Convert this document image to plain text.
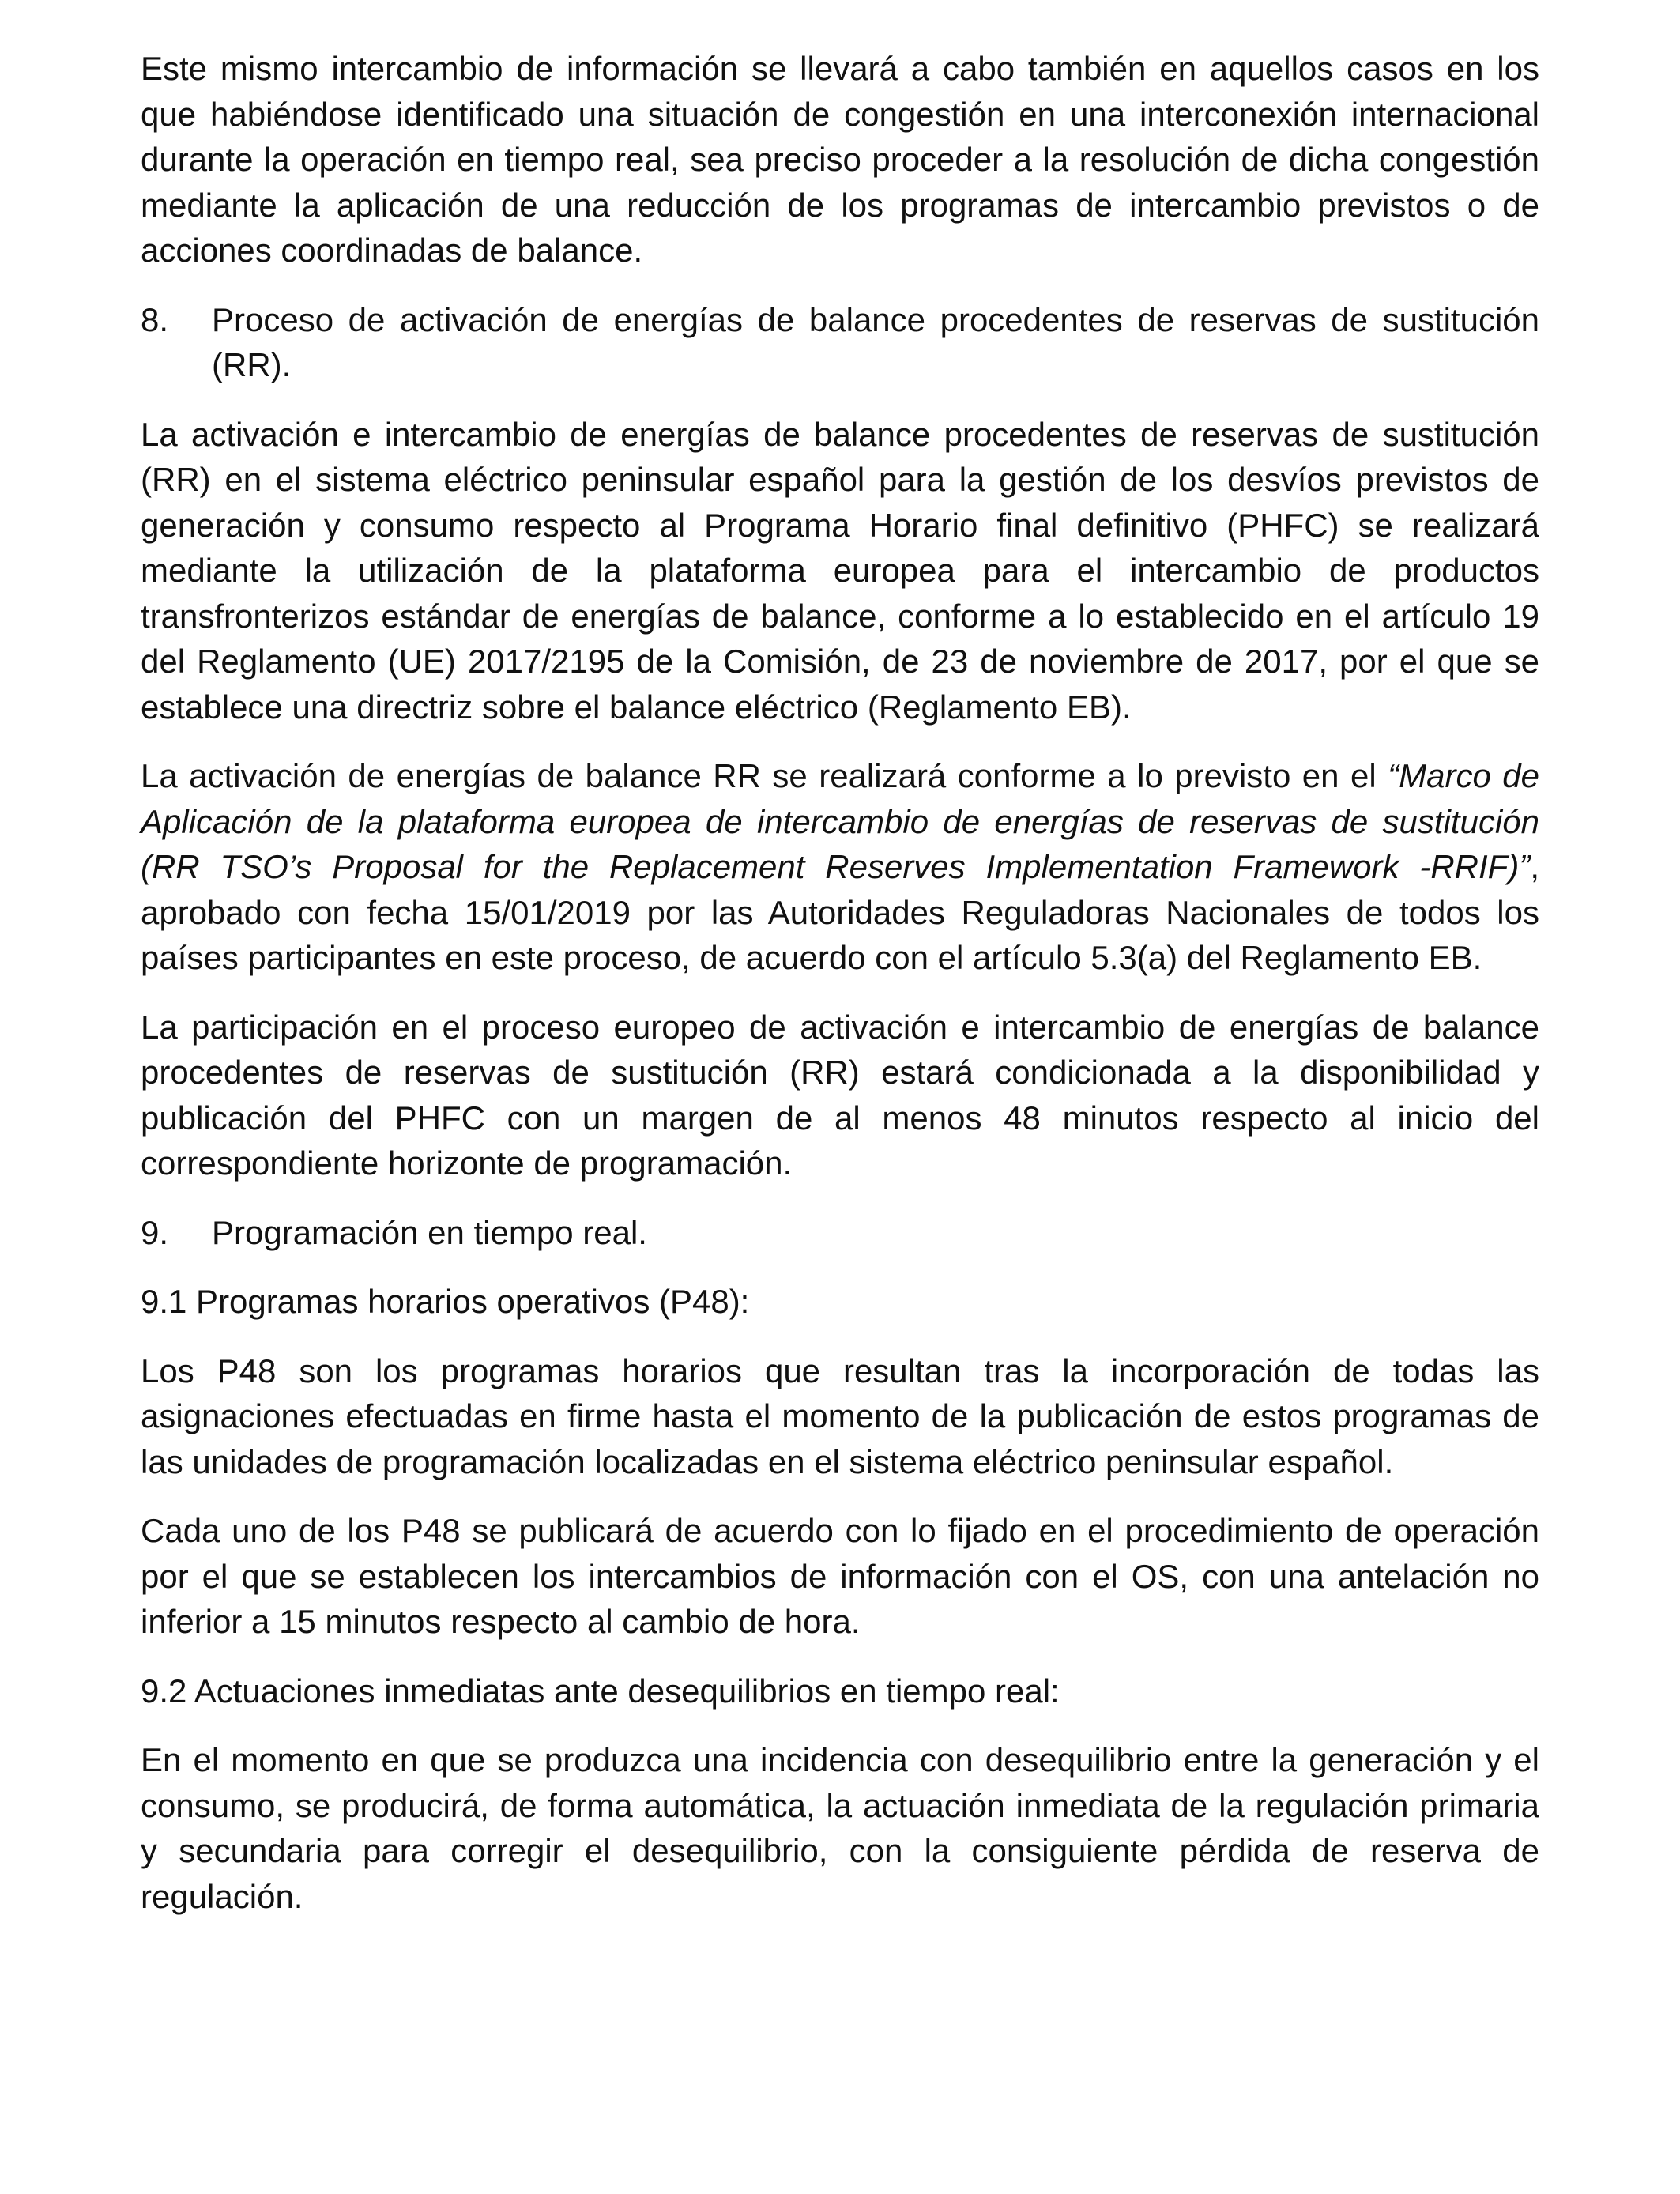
Este mismo intercambio de información se llevará a cabo también en aquellos casos en los que habiéndose identificado una situación de congestión en una interconexión internacional durante la operación en tiempo real, sea preciso proceder a la resolución de dicha congestión mediante la aplicación de una reducción de los programas de intercambio previstos o de acciones coordinadas de balance.

8.	Proceso de activación de energías de balance procedentes de reservas de sustitución (RR).

La activación e intercambio de energías de balance procedentes de reservas de sustitución (RR) en el sistema eléctrico peninsular español para la gestión de los desvíos previstos de generación y consumo respecto al Programa Horario final definitivo (PHFC) se realizará mediante la utilización de la plataforma europea para el intercambio de productos transfronterizos estándar de energías de balance, conforme a lo establecido en el artículo 19 del Reglamento (UE) 2017/2195 de la Comisión, de 23 de noviembre de 2017, por el que se establece una directriz sobre el balance eléctrico (Reglamento EB).

La activación de energías de balance RR se realizará conforme a lo previsto en el “Marco de Aplicación de la plataforma europea de intercambio de energías de reservas de sustitución (RR TSO’s Proposal for the Replacement Reserves Implementation Framework -RRIF)”, aprobado con fecha 15/01/2019 por las Autoridades Reguladoras Nacionales de todos los países participantes en este proceso, de acuerdo con el artículo 5.3(a) del Reglamento EB.

La participación en el proceso europeo de activación e intercambio de energías de balance procedentes de reservas de sustitución (RR) estará condicionada a la disponibilidad y publicación del PHFC con un margen de al menos 48 minutos respecto al inicio del correspondiente horizonte de programación.

9.	Programación en tiempo real.

9.1 Programas horarios operativos (P48):

Los P48 son los programas horarios que resultan tras la incorporación de todas las asignaciones efectuadas en firme hasta el momento de la publicación de estos programas de las unidades de programación localizadas en el sistema eléctrico peninsular español.

Cada uno de los P48 se publicará de acuerdo con lo fijado en el procedimiento de operación por el que se establecen los intercambios de información con el OS, con una antelación no inferior a 15 minutos respecto al cambio de hora.

9.2 Actuaciones inmediatas ante desequilibrios en tiempo real:

En el momento en que se produzca una incidencia con desequilibrio entre la generación y el consumo, se producirá, de forma automática, la actuación inmediata de la regulación primaria y secundaria para corregir el desequilibrio, con la consiguiente pérdida de reserva de regulación.
